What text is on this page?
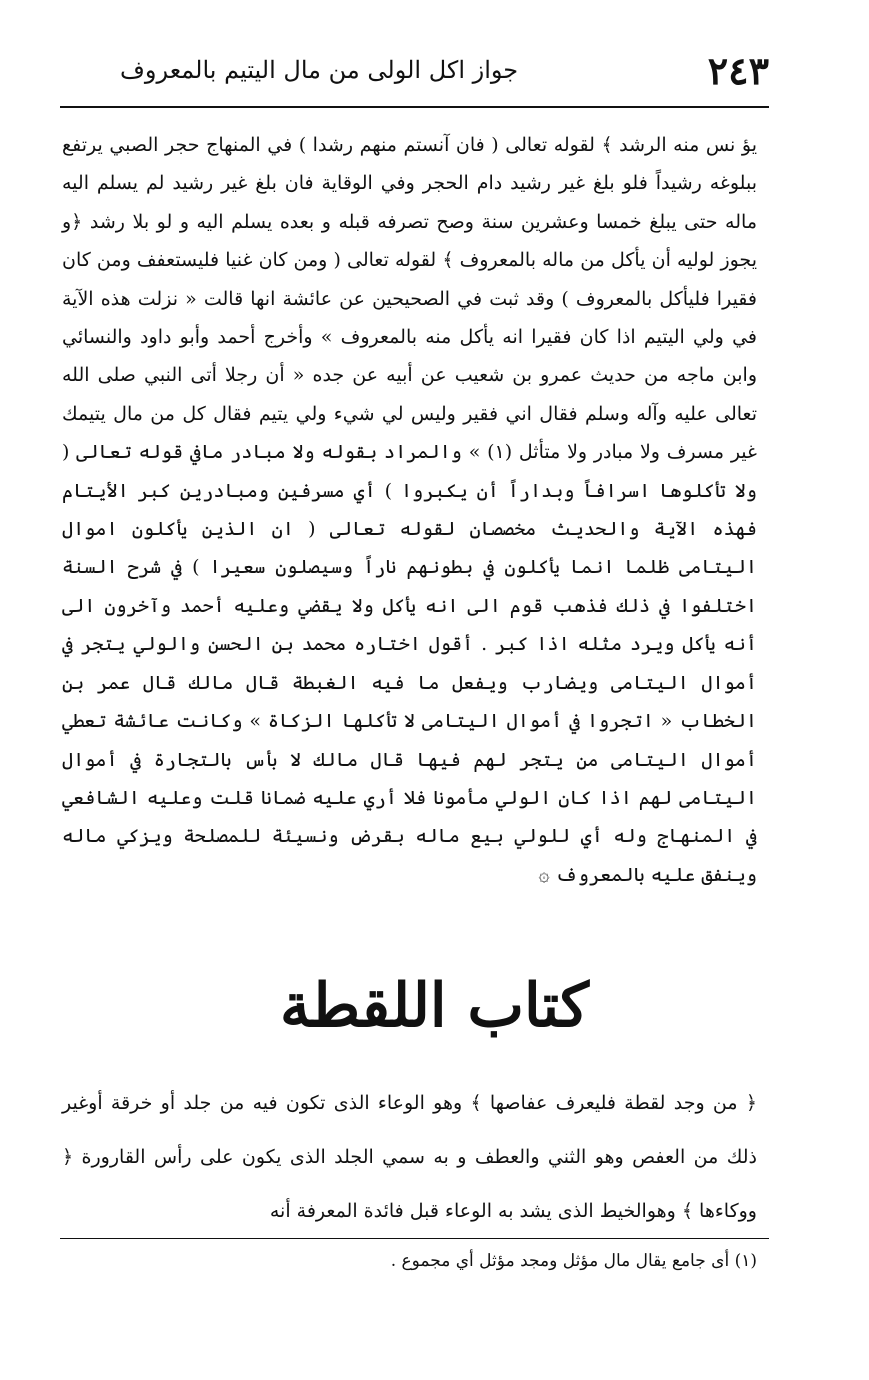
٢٤٣
جواز اكل الولى من مال اليتيم بالمعروف

يؤ نس منه الرشد ﴾ لقوله تعالى ( فان آنستم منهم رشدا ) في المنهاج حجر الصبي يرتفع ببلوغه رشيداً فلو بلغ غير رشيد دام الحجر وفي الوقاية فان بلغ غير رشيد لم يسلم اليه ماله حتى يبلغ خمسا وعشرين سنة وصح تصرفه قبله و بعده يسلم اليه و لو بلا رشد ﴿و يجوز لوليه أن يأكل من ماله بالمعروف ﴾ لقوله تعالى ( ومن كان غنيا فليستعفف ومن كان فقيرا فليأكل بالمعروف ) وقد ثبت في الصحيحين عن عائشة انها قالت « نزلت هذه الآية في ولي اليتيم اذا كان فقيرا انه يأكل منه بالمعروف » وأخرج أحمد وأبو داود والنسائي وابن ماجه من حديث عمرو بن شعيب عن أبيه عن جده « أن رجلا أتى النبي صلى الله تعالى عليه وآله وسلم فقال اني فقير وليس لي شيء ولي يتيم فقال كل من مال يتيمك غير مسرف ولا مبادر ولا متأثل (١) » والمراد بقوله ولا مبادر مافي قوله تعالى ( ولا تأكلوها اسرافاً وبداراً أن يكبروا ) أي مسرفين ومبادرين كبر الأيتام فهذه الآية والحديث مخصصان لقوله تعالى ( ان الذين يأكلون اموال اليتامى ظلما انما يأكلون في بطونهم ناراً وسيصلون سعيرا ) في شرح السنة اختلفوا في ذلك فذهب قوم الى انه يأكل ولا يقضي وعليه أحمد وآخرون الى أنه يأكل ويرد مثله اذا كبر . أقول اختاره محمد بن الحسن والولي يتجر في أموال اليتامى ويضارب ويفعل ما فيه الغبطة قال مالك قال عمر بن الخطاب « اتجروا في أموال اليتامى لا تأكلها الزكاة » وكانت عائشة تعطي أموال اليتامى من يتجر لهم فيها قال مالك لا بأس بالتجارة في أموال اليتامى لهم اذا كان الولي مأمونا فلا أري عليه ضمانا قلت وعليه الشافعي في المنهاج وله أي للولي بيع ماله بقرض ونسيئة للمصلحة ويزكي ماله وينفق عليه بالمعروف ۞

كتاب اللقطة

﴿ من وجد لقطة فليعرف عفاصها ﴾ وهو الوعاء الذى تكون فيه من جلد أو خرقة أوغير ذلك من العفص وهو الثني والعطف و به سمي الجلد الذى يكون على رأس القارورة ﴿ ووكاءها ﴾ وهوالخيط الذى يشد به الوعاء قبل فائدة المعرفة أنه

(١) أى جامع يقال مال مؤثل ومجد مؤثل أي مجموع .
